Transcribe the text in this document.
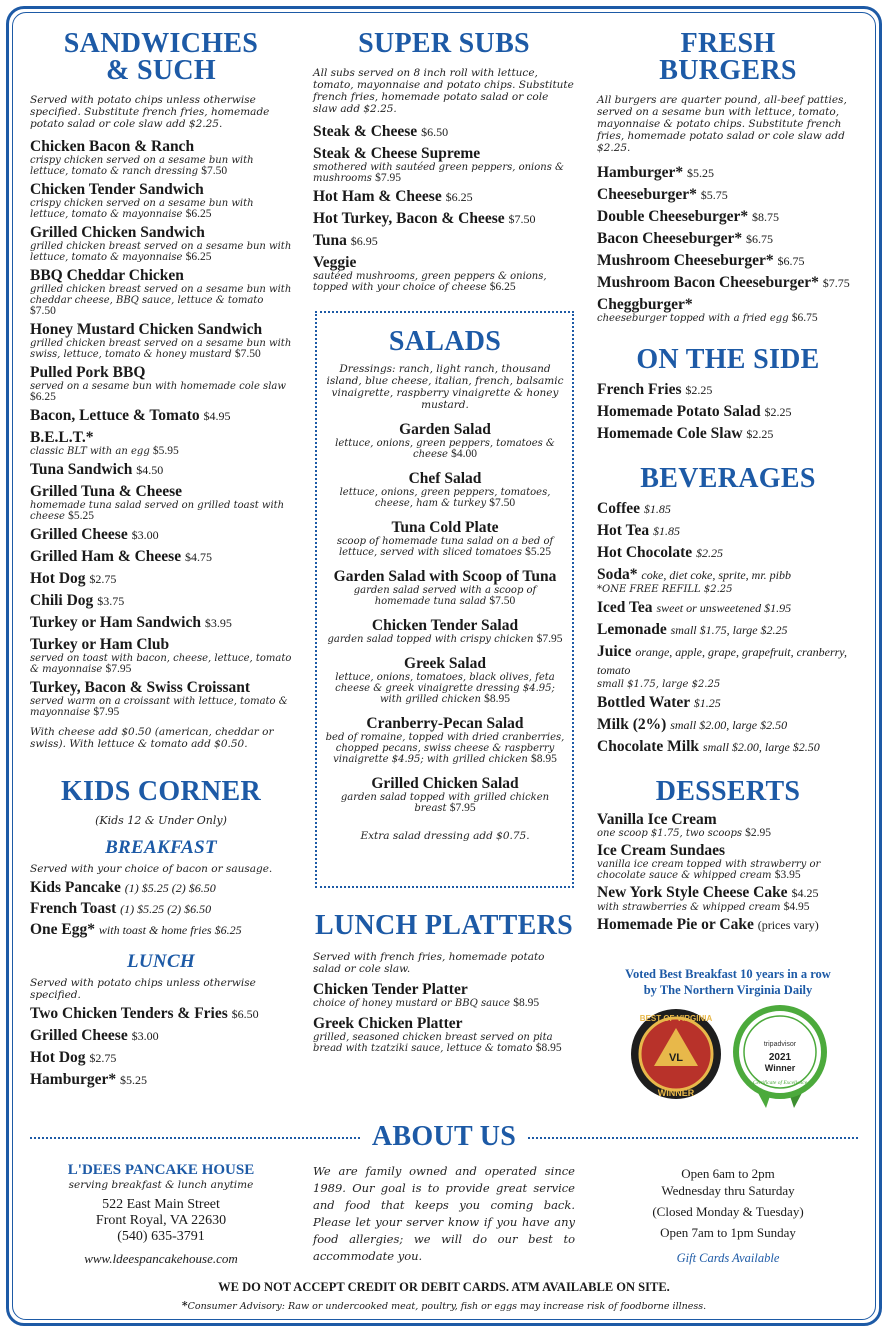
SANDWICHES & SUCH
Served with potato chips unless otherwise specified. Substitute french fries, homemade potato salad or cole slaw add $2.25.
Chicken Bacon & Ranch
crispy chicken served on a sesame bun with lettuce, tomato & ranch dressing $7.50
Chicken Tender Sandwich
crispy chicken served on a sesame bun with lettuce, tomato & mayonnaise $6.25
Grilled Chicken Sandwich
grilled chicken breast served on a sesame bun with lettuce, tomato & mayonnaise $6.25
BBQ Cheddar Chicken
grilled chicken breast served on a sesame bun with cheddar cheese, BBQ sauce, lettuce & tomato $7.50
Honey Mustard Chicken Sandwich
grilled chicken breast served on a sesame bun with swiss, lettuce, tomato & honey mustard $7.50
Pulled Pork BBQ
served on a sesame bun with homemade cole slaw $6.25
Bacon, Lettuce & Tomato $4.95
B.E.L.T.*
classic BLT with an egg $5.95
Tuna Sandwich $4.50
Grilled Tuna & Cheese
homemade tuna salad served on grilled toast with cheese $5.25
Grilled Cheese $3.00
Grilled Ham & Cheese $4.75
Hot Dog $2.75
Chili Dog $3.75
Turkey or Ham Sandwich $3.95
Turkey or Ham Club
served on toast with bacon, cheese, lettuce, tomato & mayonnaise $7.95
Turkey, Bacon & Swiss Croissant
served warm on a croissant with lettuce, tomato & mayonnaise $7.95
With cheese add $0.50 (american, cheddar or swiss). With lettuce & tomato add $0.50.
KIDS CORNER
(Kids 12 & Under Only)
BREAKFAST
Served with your choice of bacon or sausage.
Kids Pancake (1) $5.25 (2) $6.50
French Toast (1) $5.25 (2) $6.50
One Egg* with toast & home fries $6.25
LUNCH
Served with potato chips unless otherwise specified.
Two Chicken Tenders & Fries $6.50
Grilled Cheese $3.00
Hot Dog $2.75
Hamburger* $5.25
SUPER SUBS
All subs served on 8 inch roll with lettuce, tomato, mayonnaise and potato chips. Substitute french fries, homemade potato salad or cole slaw add $2.25.
Steak & Cheese $6.50
Steak & Cheese Supreme
smothered with sautéed green peppers, onions & mushrooms $7.95
Hot Ham & Cheese $6.25
Hot Turkey, Bacon & Cheese $7.50
Tuna $6.95
Veggie
sautéed mushrooms, green peppers & onions, topped with your choice of cheese $6.25
SALADS
Dressings: ranch, light ranch, thousand island, blue cheese, italian, french, balsamic vinaigrette, raspberry vinaigrette & honey mustard.
Garden Salad
lettuce, onions, green peppers, tomatoes & cheese $4.00
Chef Salad
lettuce, onions, green peppers, tomatoes, cheese, ham & turkey $7.50
Tuna Cold Plate
scoop of homemade tuna salad on a bed of lettuce, served with sliced tomatoes $5.25
Garden Salad with Scoop of Tuna
garden salad served with a scoop of homemade tuna salad $7.50
Chicken Tender Salad
garden salad topped with crispy chicken $7.95
Greek Salad
lettuce, onions, tomatoes, black olives, feta cheese & greek vinaigrette dressing $4.95; with grilled chicken $8.95
Cranberry-Pecan Salad
bed of romaine, topped with dried cranberries, chopped pecans, swiss cheese & raspberry vinaigrette $4.95; with grilled chicken $8.95
Grilled Chicken Salad
garden salad topped with grilled chicken breast $7.95
Extra salad dressing add $0.75.
LUNCH PLATTERS
Served with french fries, homemade potato salad or cole slaw.
Chicken Tender Platter
choice of honey mustard or BBQ sauce $8.95
Greek Chicken Platter
grilled, seasoned chicken breast served on pita bread with tzatziki sauce, lettuce & tomato $8.95
FRESH BURGERS
All burgers are quarter pound, all-beef patties, served on a sesame bun with lettuce, tomato, mayonnaise & potato chips. Substitute french fries, homemade potato salad or cole slaw add $2.25.
Hamburger* $5.25
Cheeseburger* $5.75
Double Cheeseburger* $8.75
Bacon Cheeseburger* $6.75
Mushroom Cheeseburger* $6.75
Mushroom Bacon Cheeseburger* $7.75
Cheggburger*
cheeseburger topped with a fried egg $6.75
ON THE SIDE
French Fries $2.25
Homemade Potato Salad $2.25
Homemade Cole Slaw $2.25
BEVERAGES
Coffee $1.85
Hot Tea $1.85
Hot Chocolate $2.25
Soda* coke, diet coke, sprite, mr. pibb
*ONE FREE REFILL $2.25
Iced Tea sweet or unsweetened $1.95
Lemonade small $1.75, large $2.25
Juice orange, apple, grape, grapefruit, cranberry, tomato
small $1.75, large $2.25
Bottled Water $1.25
Milk (2%) small $2.00, large $2.50
Chocolate Milk small $2.00, large $2.50
DESSERTS
Vanilla Ice Cream
one scoop $1.75, two scoops $2.95
Ice Cream Sundaes
vanilla ice cream topped with strawberry or chocolate sauce & whipped cream $3.95
New York Style Cheese Cake $4.25
with strawberries & whipped cream $4.95
Homemade Pie or Cake (prices vary)
Voted Best Breakfast 10 years in a row
by The Northern Virginia Daily
VL
BEST OF VIRGINIA
WINNER
tripadvisor
2021
Winner
Certificate of Excellence
ABOUT US
L'DEES PANCAKE HOUSE
serving breakfast & lunch anytime
522 East Main Street
Front Royal, VA 22630
(540) 635-3791
www.ldeespancakehouse.com
We are family owned and operated since 1989. Our goal is to provide great service and food that keeps you coming back. Please let your server know if you have any food allergies; we will do our best to accommodate you.
Open 6am to 2pm
Wednesday thru Saturday
(Closed Monday & Tuesday)
Open 7am to 1pm Sunday
Gift Cards Available
WE DO NOT ACCEPT CREDIT OR DEBIT CARDS. ATM AVAILABLE ON SITE.
*Consumer Advisory: Raw or undercooked meat, poultry, fish or eggs may increase risk of foodborne illness.
